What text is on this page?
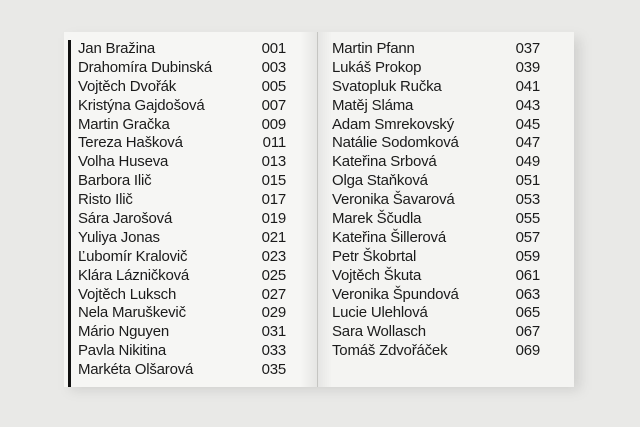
Jan Bražina	001
Drahomíra Dubinská	003
Vojtěch Dvořák	005
Kristýna Gajdošová	007
Martin Gračka	009
Tereza Hašková	011
Volha Huseva	013
Barbora Ilič	015
Risto Ilič	017
Sára Jarošová	019
Yuliya Jonas	021
Ľubomír Kralovič	023
Klára Lázničková	025
Vojtěch Luksch	027
Nela Maruškevič	029
Mário Nguyen	031
Pavla Nikitina	033
Markéta Olšarová	035
Martin Pfann	037
Lukáš Prokop	039
Svatopluk Ručka	041
Matěj Sláma	043
Adam Smrekovský	045
Natálie Sodomková	047
Kateřina Srbová	049
Olga Staňková	051
Veronika Šavarová	053
Marek Ščudla	055
Kateřina Šillerová	057
Petr Škobrtal	059
Vojtěch Škuta	061
Veronika Špundová	063
Lucie Ulehlová	065
Sara Wollasch	067
Tomáš Zdvořáček	069
